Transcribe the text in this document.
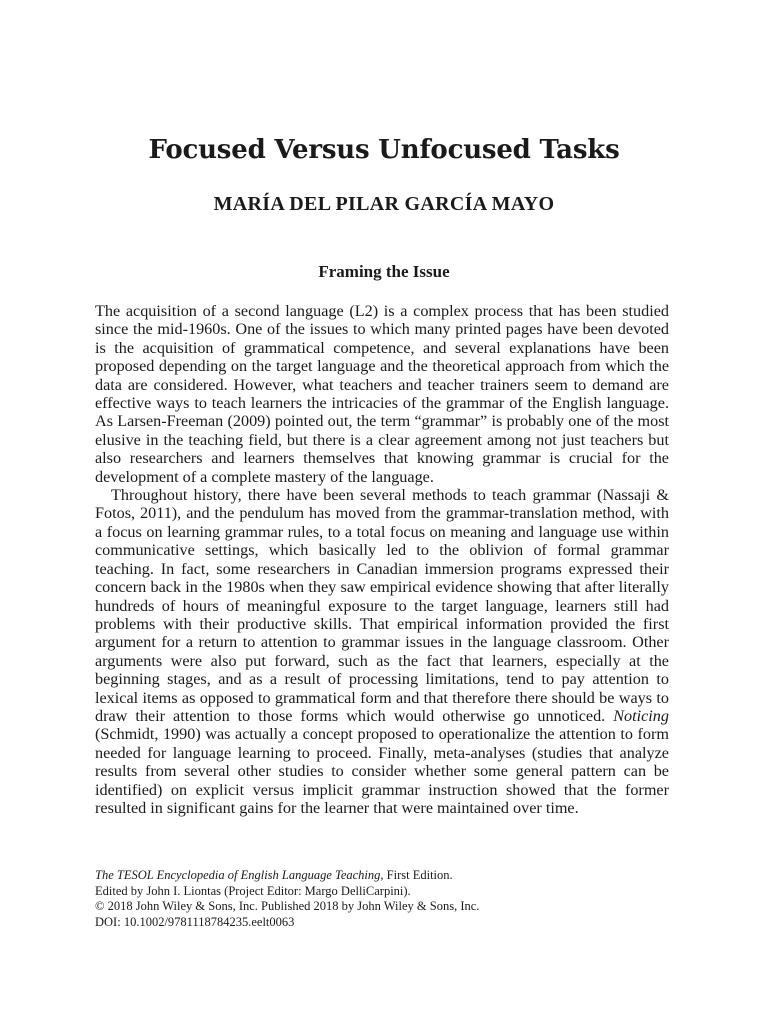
Focused Versus Unfocused Tasks
MARÍA DEL PILAR GARCÍA MAYO
Framing the Issue

The acquisition of a second language (L2) is a complex process that has been studied since the mid-1960s. One of the issues to which many printed pages have been devoted is the acquisition of grammatical competence, and several explanations have been proposed depending on the target language and the theoretical approach from which the data are considered. However, what teachers and teacher trainers seem to demand are effective ways to teach learners the intricacies of the grammar of the English language. As Larsen-Freeman (2009) pointed out, the term “grammar” is probably one of the most elusive in the teaching field, but there is a clear agreement among not just teachers but also researchers and learners themselves that knowing grammar is crucial for the development of a complete mastery of the language.

Throughout history, there have been several methods to teach grammar (Nassaji & Fotos, 2011), and the pendulum has moved from the grammar-translation method, with a focus on learning grammar rules, to a total focus on meaning and language use within communicative settings, which basically led to the oblivion of formal grammar teaching. In fact, some researchers in Canadian immersion programs expressed their concern back in the 1980s when they saw empirical evidence showing that after literally hundreds of hours of meaningful exposure to the target language, learners still had problems with their productive skills. That empirical information provided the first argument for a return to attention to grammar issues in the language classroom. Other arguments were also put forward, such as the fact that learners, especially at the beginning stages, and as a result of processing limitations, tend to pay attention to lexical items as opposed to grammatical form and that therefore there should be ways to draw their attention to those forms which would otherwise go unnoticed. Noticing (Schmidt, 1990) was actually a concept proposed to operationalize the attention to form needed for language learning to proceed. Finally, meta-analyses (studies that analyze results from several other studies to consider whether some general pattern can be identified) on explicit versus implicit grammar instruction showed that the former resulted in significant gains for the learner that were maintained over time.

The TESOL Encyclopedia of English Language Teaching, First Edition.
Edited by John I. Liontas (Project Editor: Margo DelliCarpini).
© 2018 John Wiley & Sons, Inc. Published 2018 by John Wiley & Sons, Inc.
DOI: 10.1002/9781118784235.eelt0063
